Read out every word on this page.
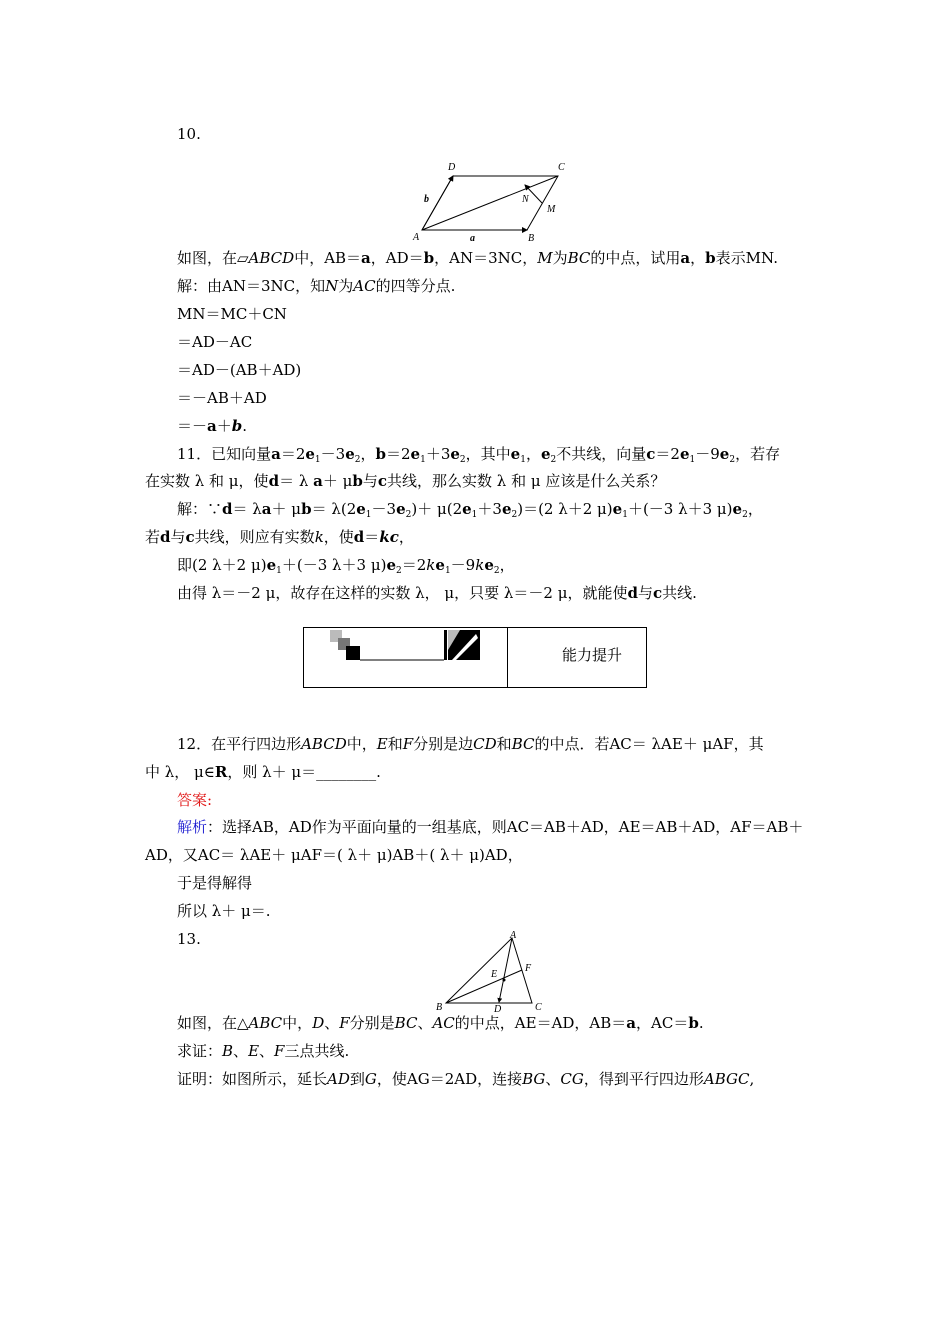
10.
A	B
C
D
N
M
a
b
如图，在▱ABCD中，AB＝a，AD＝b，AN＝3NC，M为BC的中点，试用a，b表示MN.
解：由AN＝3NC，知N为AC的四等分点.
MN＝MC＋CN
＝AD－AC
＝AD－(AB＋AD)
＝－AB＋AD
＝－a＋b.
11．已知向量$a=2e_1-3e_2$，$b=2e_1+3e_2$，其中$e_1$，$e_2$不共线，向量$c=2e_1-9e_2$，若存
在实数 λ 和 μ，使d＝ λ a＋ μb与c共线，那么实数 λ 和 μ 应该是什么关系？
解：∵d＝ $\lambda a+ \mu b= \lambda(2e_1-3e_2)+ \mu(2e_1+3e_2)=(2$ λ＋2 $\mu)e_1+(-3$ λ＋3 $\mu)e_2$，
若d与c共线，则应有实数k，使d＝kc，
即(2 λ＋2 $\mu)e_1+(-3$ λ＋3 $\mu)e_2=2ke_1-9ke_2$，
由得 λ＝－2 μ，故存在这样的实数 λ， μ，只要 λ＝－2 μ，就能使d与c共线.
能力提升
12．在平行四边形ABCD中，E和F分别是边CD和BC的中点．若AC＝ λAE＋ μAF，其
中 λ， μ∈R，则 λ＋ μ＝________.
答案:
解析：选择AB，AD作为平面向量的一组基底，则AC＝AB＋AD，AE＝AB＋AD，AF＝AB＋
AD，又AC＝ λAE＋ μAF＝( λ＋ μ)AB＋( λ＋ μ)AD，
于是得解得
所以 λ＋ μ＝.
13.	A
B	C
D
E
F
如图，在△ABC中，D、F分别是BC、AC的中点，AE＝AD，AB＝a，AC＝b.
求证：B、E、F三点共线.
证明：如图所示，延长AD到G，使AG＝2AD，连接BG、CG，得到平行四边形ABGC,
